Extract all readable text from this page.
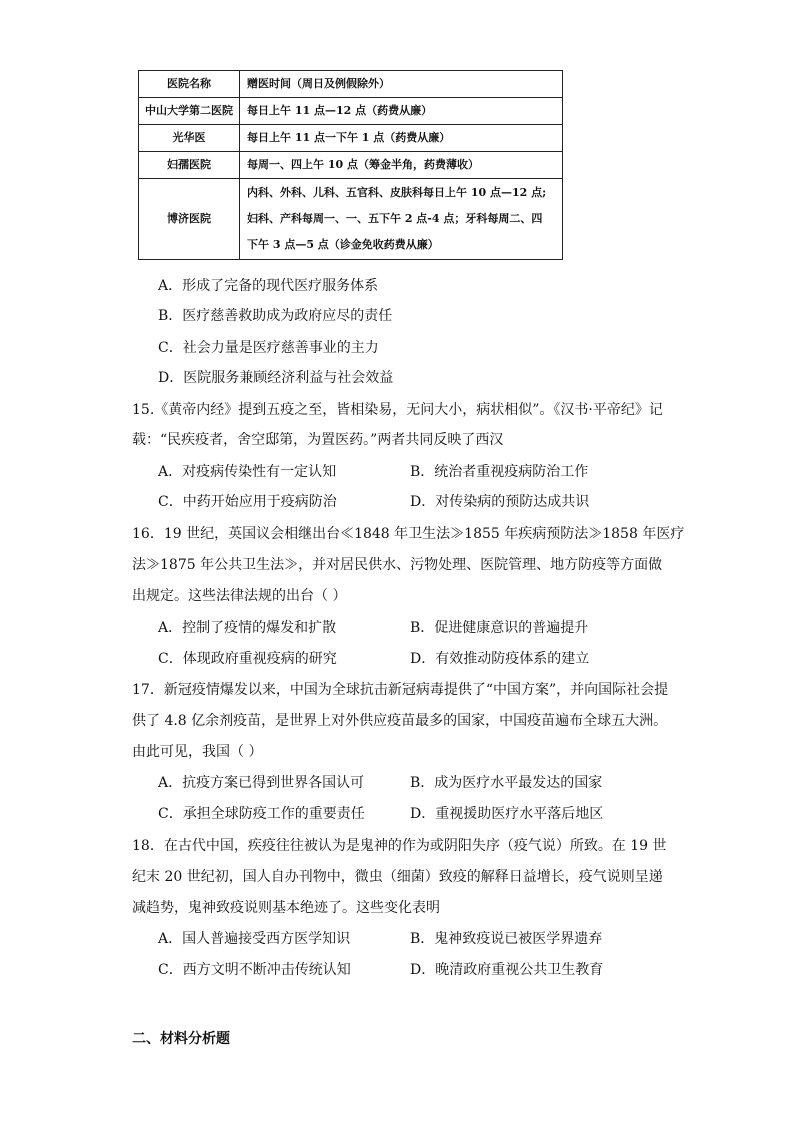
医院名称	赠医时间（周日及例假除外）
中山大学第二医院	每日上午 11 点—12 点（药费从廉）
光华医	每日上午 11 点一下午 1 点（药费从廉）
妇孺医院	每周一、四上午 10 点（筹金半角，药费薄收）
博济医院	内科、外科、儿科、五官科、皮肤科每日上午 10 点—12 点;
妇科、产科每周一、一、五下午 2 点-4 点；牙科每周二、四
下午 3 点—5 点（诊金免收药费从廉）
A．形成了完备的现代医疗服务体系
B．医疗慈善救助成为政府应尽的责任
C．社会力量是医疗慈善事业的主力
D．医院服务兼顾经济利益与社会效益
15.《黄帝内经》提到五疫之至，皆相染易，无问大小，病状相似”。《汉书·平帝纪》记
载：“民疾疫者，舍空邸第，为置医药。”两者共同反映了西汉
A．对疫病传染性有一定认知	B．统治者重视疫病防治工作
C．中药开始应用于疫病防治	D．对传染病的预防达成共识
16．19 世纪，英国议会相继出台≪1848 年卫生法≫1855 年疾病预防法≫1858 年医疗
法≫1875 年公共卫生法≫，并对居民供水、污物处理、医院管理、地方防疫等方面做
出规定。这些法律法规的出台（ ）
A．控制了疫情的爆发和扩散	B．促进健康意识的普遍提升
C．体现政府重视疫病的研究	D．有效推动防疫体系的建立
17．新冠疫情爆发以来，中国为全球抗击新冠病毒提供了“中国方案”，并向国际社会提
供了 4.8 亿余剂疫苗，是世界上对外供应疫苗最多的国家，中国疫苗遍布全球五大洲。
由此可见，我国（ ）
A．抗疫方案已得到世界各国认可	B．成为医疗水平最发达的国家
C．承担全球防疫工作的重要责任	D．重视援助医疗水平落后地区
18．在古代中国，疾疫往往被认为是鬼神的作为或阴阳失序（疫气说）所致。在 19 世
纪末 20 世纪初，国人自办刊物中，微虫（细菌）致疫的解释日益增长，疫气说则呈递
减趋势，鬼神致疫说则基本绝迹了。这些变化表明
A．国人普遍接受西方医学知识	B．鬼神致疫说已被医学界遗弃
C．西方文明不断冲击传统认知	D．晚清政府重视公共卫生教育
二、材料分析题
